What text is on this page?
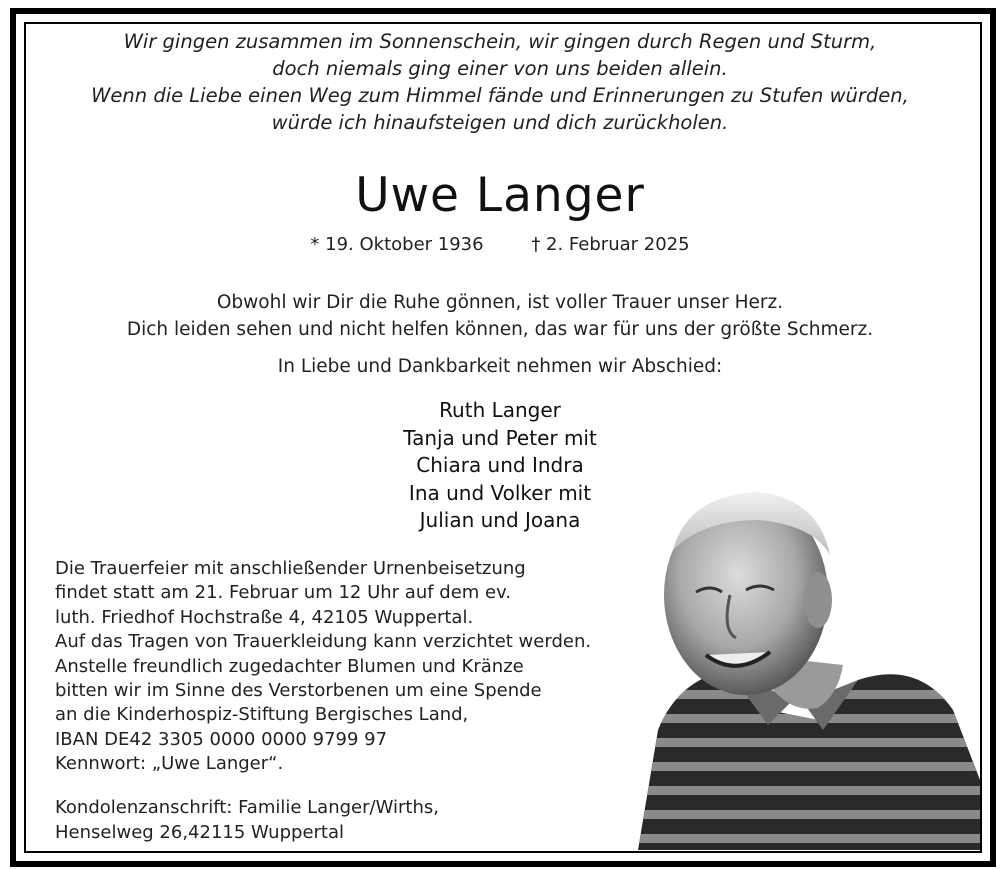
Wir gingen zusammen im Sonnenschein, wir gingen durch Regen und Sturm,
doch niemals ging einer von uns beiden allein.
Wenn die Liebe einen Weg zum Himmel fände und Erinnerungen zu Stufen würden,
würde ich hinaufsteigen und dich zurückholen.
Uwe Langer
* 19. Oktober 1936	† 2. Februar 2025
Obwohl wir Dir die Ruhe gönnen, ist voller Trauer unser Herz.
Dich leiden sehen und nicht helfen können, das war für uns der größte Schmerz.
In Liebe und Dankbarkeit nehmen wir Abschied:
Ruth Langer
Tanja und Peter mit
Chiara und Indra
Ina und Volker mit
Julian und Joana
Die Trauerfeier mit anschließender Urnenbeisetzung
findet statt am 21. Februar um 12 Uhr auf dem ev.
luth. Friedhof Hochstraße 4, 42105 Wuppertal.
Auf das Tragen von Trauerkleidung kann verzichtet werden.
Anstelle freundlich zugedachter Blumen und Kränze
bitten wir im Sinne des Verstorbenen um eine Spende
an die Kinderhospiz-Stiftung Bergisches Land,
IBAN DE42 3305 0000 0000 9799 97
Kennwort: „Uwe Langer“.
Kondolenzanschrift: Familie Langer/Wirths,
Henselweg 26,42115 Wuppertal
